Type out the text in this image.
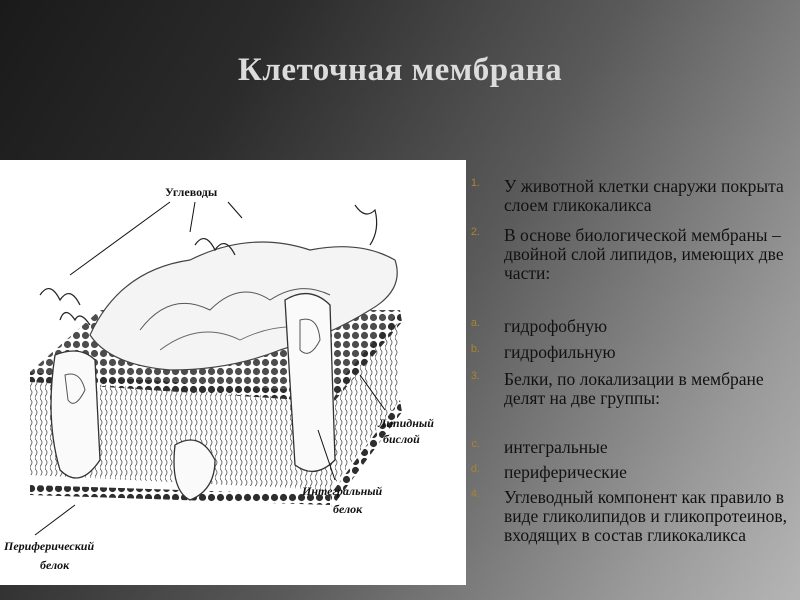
Клеточная мембрана
Углеводы
Липидный
бислой
Интегральный
белок
Периферический
белок
1. У животной клетки снаружи покрыта слоем гликокаликса
2. В основе биологической мембраны – двойной слой липидов, имеющих две части:
a. гидрофобную
b. гидрофильную
3. Белки, по локализации в мембране делят на две группы:
c. интегральные
d. периферические
4. Углеводный компонент как правило в виде гликолипидов и гликопротеинов, входящих в состав гликокаликса
